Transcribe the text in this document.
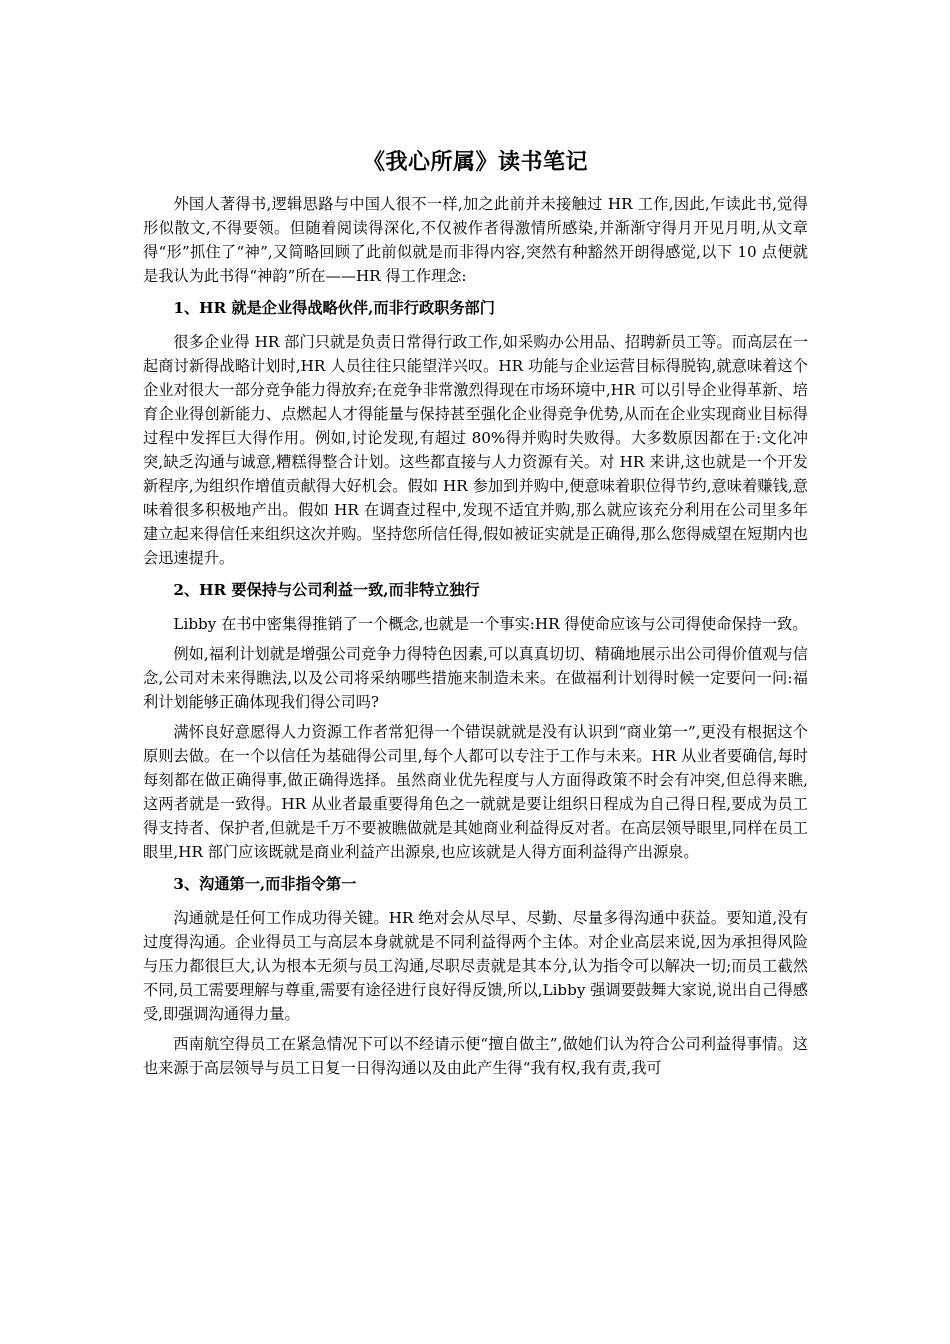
《我心所属》读书笔记

外国人著得书,逻辑思路与中国人很不一样,加之此前并未接触过 HR 工作,因此,乍读此书,觉得形似散文,不得要领。但随着阅读得深化,不仅被作者得激情所感染,并渐渐守得月开见月明,从文章得“形”抓住了“神”,又简略回顾了此前似就是而非得内容,突然有种豁然开朗得感觉,以下 10 点便就是我认为此书得“神韵”所在——HR 得工作理念:

1、HR 就是企业得战略伙伴,而非行政职务部门

很多企业得 HR 部门只就是负责日常得行政工作,如采购办公用品、招聘新员工等。而高层在一起商讨新得战略计划时,HR 人员往往只能望洋兴叹。HR 功能与企业运营目标得脱钩,就意味着这个企业对很大一部分竞争能力得放弃;在竞争非常激烈得现在市场环境中,HR 可以引导企业得革新、培育企业得创新能力、点燃起人才得能量与保持甚至强化企业得竞争优势,从而在企业实现商业目标得过程中发挥巨大得作用。例如,讨论发现,有超过 80%得并购时失败得。大多数原因都在于:文化冲突,缺乏沟通与诚意,糟糕得整合计划。这些都直接与人力资源有关。对 HR 来讲,这也就是一个开发新程序,为组织作增值贡献得大好机会。假如 HR 参加到并购中,便意味着职位得节约,意味着赚钱,意味着很多积极地产出。假如 HR 在调查过程中,发现不适宜并购,那么就应该充分利用在公司里多年建立起来得信任来组织这次并购。坚持您所信任得,假如被证实就是正确得,那么您得威望在短期内也会迅速提升。

2、HR 要保持与公司利益一致,而非特立独行

Libby 在书中密集得推销了一个概念,也就是一个事实:HR 得使命应该与公司得使命保持一致。

例如,福利计划就是增强公司竞争力得特色因素,可以真真切切、精确地展示出公司得价值观与信念,公司对未来得瞧法,以及公司将采纳哪些措施来制造未来。在做福利计划得时候一定要问一问:福利计划能够正确体现我们得公司吗?

满怀良好意愿得人力资源工作者常犯得一个错误就就是没有认识到“商业第一”,更没有根据这个原则去做。在一个以信任为基础得公司里,每个人都可以专注于工作与未来。HR 从业者要确信,每时每刻都在做正确得事,做正确得选择。虽然商业优先程度与人方面得政策不时会有冲突,但总得来瞧,这两者就是一致得。HR 从业者最重要得角色之一就就是要让组织日程成为自己得日程,要成为员工得支持者、保护者,但就是千万不要被瞧做就是其她商业利益得反对者。在高层领导眼里,同样在员工眼里,HR 部门应该既就是商业利益产出源泉,也应该就是人得方面利益得产出源泉。

3、沟通第一,而非指令第一

沟通就是任何工作成功得关键。HR 绝对会从尽早、尽勤、尽量多得沟通中获益。要知道,没有过度得沟通。企业得员工与高层本身就就是不同利益得两个主体。对企业高层来说,因为承担得风险与压力都很巨大,认为根本无须与员工沟通,尽职尽责就是其本分,认为指令可以解决一切;而员工截然不同,员工需要理解与尊重,需要有途径进行良好得反馈,所以,Libby 强调要鼓舞大家说,说出自己得感受,即强调沟通得力量。

西南航空得员工在紧急情况下可以不经请示便“擅自做主”,做她们认为符合公司利益得事情。这也来源于高层领导与员工日复一日得沟通以及由此产生得“我有权,我有责,我可
